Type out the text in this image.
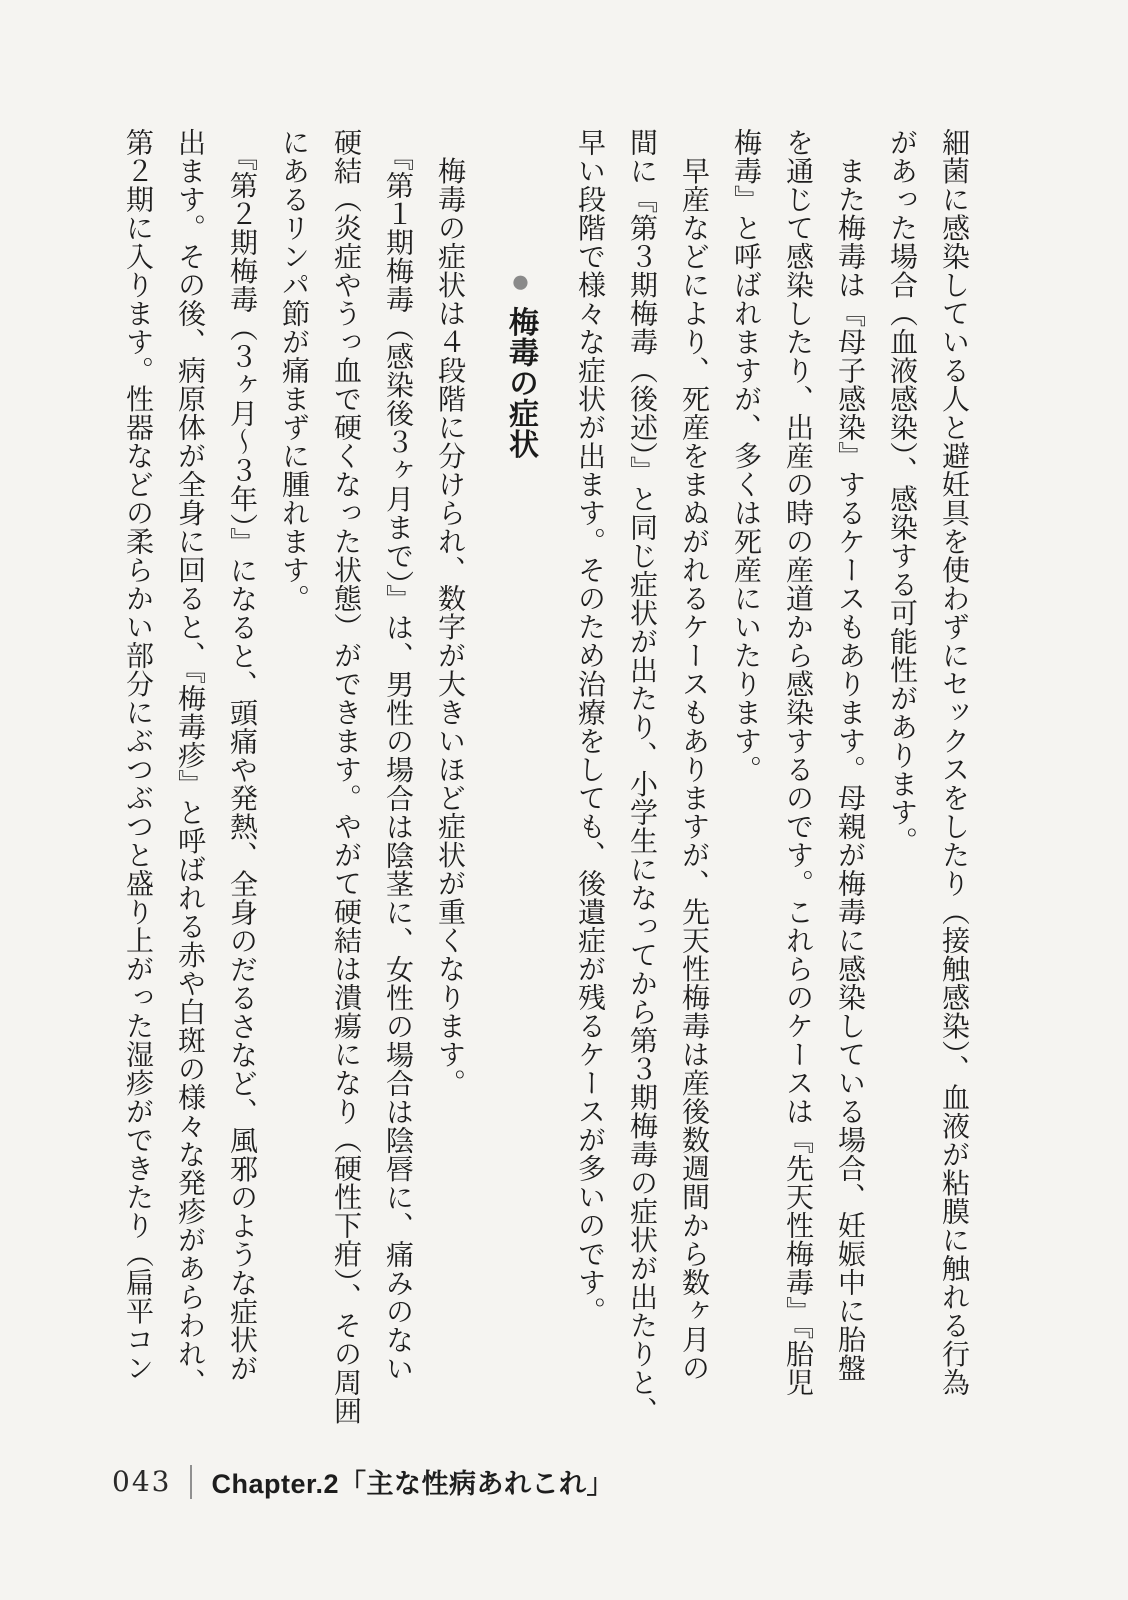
細菌に感染している人と避妊具を使わずにセックスをしたり（接触感染）、血液が粘膜に触れる行為

があった場合（血液感染）、感染する可能性があります。

　また梅毒は『母子感染』するケースもあります。母親が梅毒に感染している場合、妊娠中に胎盤

を通じて感染したり、出産の時の産道から感染するのです。これらのケースは『先天性梅毒』『胎児

梅毒』と呼ばれますが、多くは死産にいたります。

　早産などにより、死産をまぬがれるケースもありますが、先天性梅毒は産後数週間から数ヶ月の

間に『第３期梅毒（後述）』と同じ症状が出たり、小学生になってから第３期梅毒の症状が出たりと、

早い段階で様々な症状が出ます。そのため治療をしても、後遺症が残るケースが多いのです。

●梅毒の症状

　梅毒の症状は４段階に分けられ、数字が大きいほど症状が重くなります。

　『第１期梅毒（感染後３ヶ月まで）』は、男性の場合は陰茎に、女性の場合は陰唇に、痛みのない

硬結（炎症やうっ血で硬くなった状態）ができます。やがて硬結は潰瘍になり（硬性下疳）、その周囲

にあるリンパ節が痛まずに腫れます。

　『第２期梅毒（３ヶ月～３年）』になると、頭痛や発熱、全身のだるさなど、風邪のような症状が

出ます。その後、病原体が全身に回ると、『梅毒疹』と呼ばれる赤や白斑の様々な発疹があらわれ、

第２期に入ります。性器などの柔らかい部分にぶつぶつと盛り上がった湿疹ができたり（扁平コン

043 Chapter.2「主な性病あれこれ」
